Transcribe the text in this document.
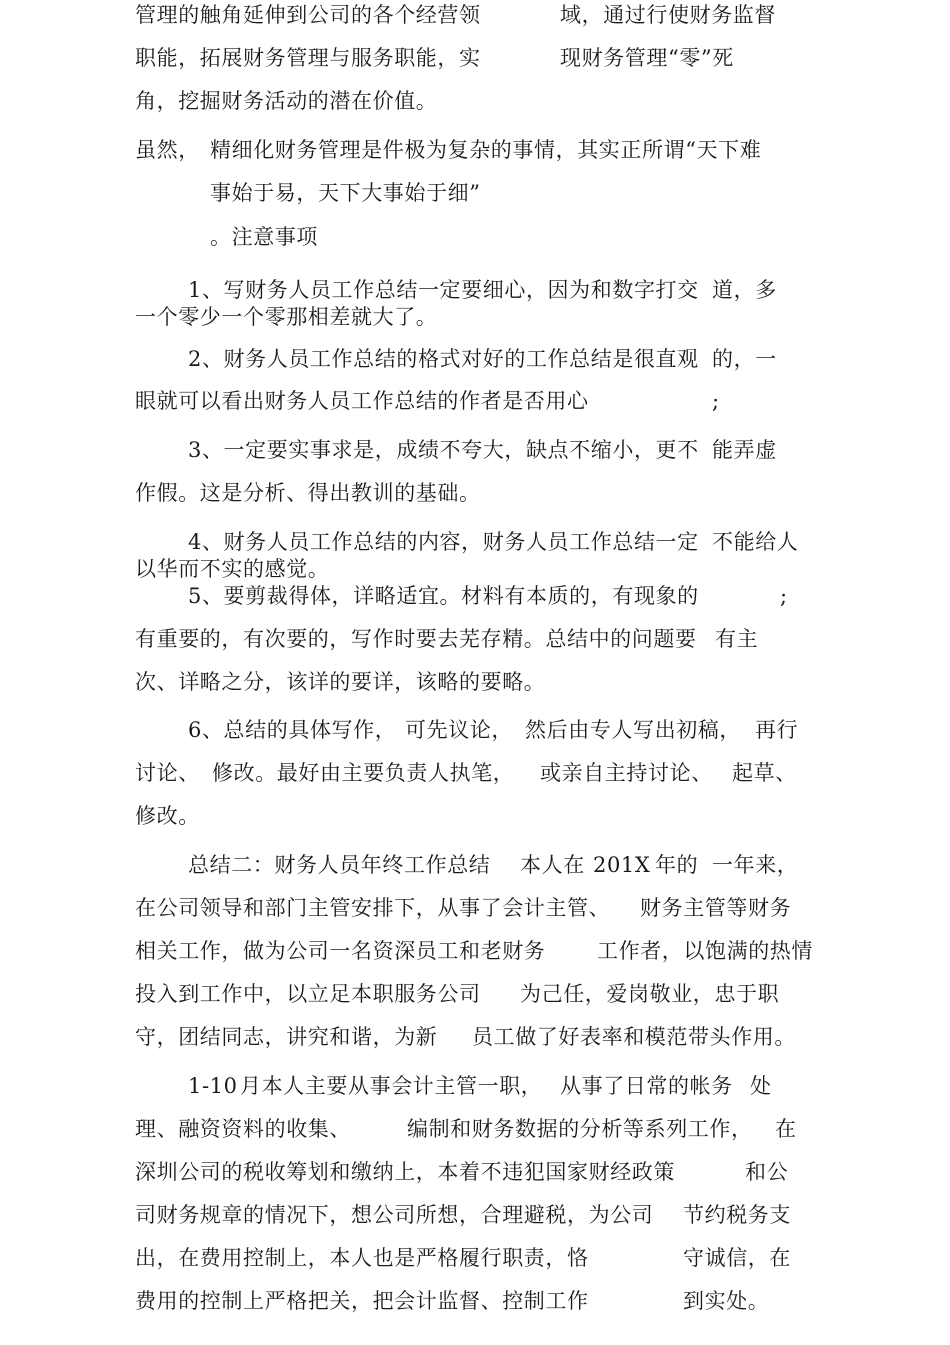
管理的触角延伸到公司的各个经营领	域，通过行使财务监督
职能，拓展财务管理与服务职能，实	现财务管理“零”死
角，挖掘财务活动的潜在价值。
虽然， 精细化财务管理是件极为复杂的事情，其实正所谓“天下难
事始于易，天下大事始于细”
。注意事项
1、写财务人员工作总结一定要细心，因为和数字打交 道，多
一个零少一个零那相差就大了。
2、财务人员工作总结的格式对好的工作总结是很直观 的，一
眼就可以看出财务人员工作总结的作者是否用心	;
3、一定要实事求是，成绩不夸大，缺点不缩小，更不 能弄虚
作假。这是分析、得出教训的基础。
4、财务人员工作总结的内容，财务人员工作总结一定 不能给人
以华而不实的感觉。
5、要剪裁得体，详略适宜。材料有本质的，有现象的	;
有重要的，有次要的，写作时要去芜存精。总结中的问题要 有主
次、详略之分，该详的要详，该略的要略。
6、总结的具体写作， 可先议论， 然后由专人写出初稿， 再行
讨论、 修改。最好由主要负责人执笔， 或亲自主持讨论、 起草、
修改。
总结二：财务人员年终工作总结 本人在 201X 年的 一年来，
在公司领导和部门主管安排下，从事了会计主管、 财务主管等财务
相关工作，做为公司一名资深员工和老财务 工作者，以饱满的热情
投入到工作中，以立足本职服务公司 为己任，爱岗敬业，忠于职
守，团结同志，讲究和谐，为新 员工做了好表率和模范带头作用。
1-10 月本人主要从事会计主管一职， 从事了日常的帐务 处
理、融资资料的收集、	编制和财务数据的分析等系列工作， 在
深圳公司的税收筹划和缴纳上，本着不违犯国家财经政策	和公
司财务规章的情况下，想公司所想，合理避税，为公司 节约税务支
出，在费用控制上，本人也是严格履行职责，恪	守诚信，在
费用的控制上严格把关，把会计监督、控制工作	到实处。
